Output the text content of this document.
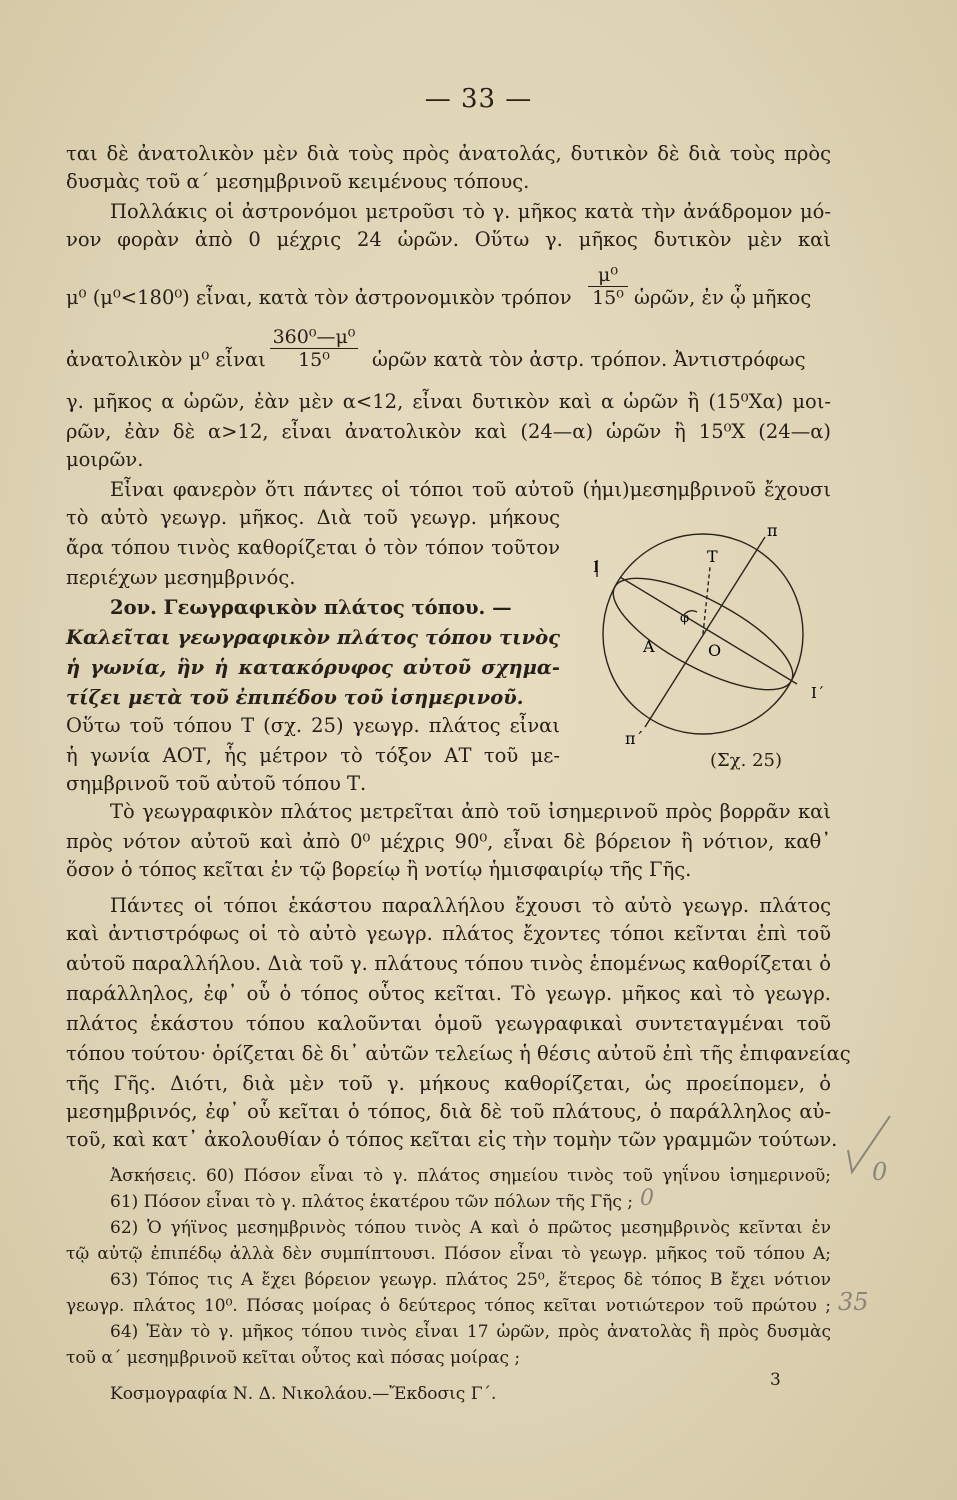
— 33 —
ται δὲ ἀνατολικὸν μὲν διὰ τοὺς πρὸς ἀνατολάς, δυτικὸν δὲ διὰ τοὺς πρὸς
δυσμὰς τοῦ α΄ μεσημβρινοῦ κειμένους τόπους.
Πολλάκις οἱ ἀστρονόμοι μετροῦσι τὸ γ. μῆκος κατὰ τὴν ἀνάδρομον μό-
νον φορὰν ἀπὸ 0 μέχρις 24 ὡρῶν. Οὕτω γ. μῆκος δυτικὸν μὲν καὶ
μ⁰ (μ⁰<180⁰) εἶναι, κατὰ τὸν ἀστρονομικὸν τρόπον $\frac{\text{μ⁰}}{\text{15⁰}}$ ὡρῶν, ἐν ᾧ μῆκος
ἀνατολικὸν μ⁰ εἶναι $\frac{\text{360⁰—μ⁰}}{\text{15⁰}}$ ὡρῶν κατὰ τὸν ἀστρ. τρόπον. Ἀντιστρόφως
γ. μῆκος α ὡρῶν, ἐὰν μὲν α<12, εἶναι δυτικὸν καὶ α ὡρῶν ἢ (15⁰Χα) μοι-
ρῶν, ἐὰν δὲ α>12, εἶναι ἀνατολικὸν καὶ (24—α) ὡρῶν ἢ 15⁰Χ (24—α)
μοιρῶν.
Εἶναι φανερὸν ὅτι πάντες οἱ τόποι τοῦ αὐτοῦ (ἡμι)μεσημβρινοῦ ἔχουσι
τὸ αὐτὸ γεωγρ. μῆκος. Διὰ τοῦ γεωγρ. μήκους
ἄρα τόπου τινὸς καθορίζεται ὁ τὸν τόπον τοῦτον
περιέχων μεσημβρινός.
2ον. Γεωγραφικὸν πλάτος τόπου. —
Καλεῖται γεωγραφικὸν πλάτος τόπου τινὸς
ἡ γωνία, ἣν ἡ κατακόρυφος αὐτοῦ σχημα-
τίζει μετὰ τοῦ ἐπιπέδου τοῦ ἰσημερινοῦ.
Οὕτω τοῦ τόπου Τ (σχ. 25) γεωγρ. πλάτος εἶναι
ἡ γωνία ΑΟΤ, ἧς μέτρον τὸ τόξον ΑΤ τοῦ με-
σημβρινοῦ τοῦ αὐτοῦ τόπου Τ.
π
π΄
Τ
Α	Ο
φ
Ι
Ι΄
(Σχ. 25)
Τὸ γεωγραφικὸν πλάτος μετρεῖται ἀπὸ τοῦ ἰσημερινοῦ πρὸς βορρᾶν καὶ
πρὸς νότον αὐτοῦ καὶ ἀπὸ 0⁰ μέχρις 90⁰, εἶναι δὲ βόρειον ἢ νότιον, καθ᾽
ὅσον ὁ τόπος κεῖται ἐν τῷ βορείῳ ἢ νοτίῳ ἡμισφαιρίῳ τῆς Γῆς.
Πάντες οἱ τόποι ἑκάστου παραλλήλου ἔχουσι τὸ αὐτὸ γεωγρ. πλάτος
καὶ ἀντιστρόφως οἱ τὸ αὐτὸ γεωγρ. πλάτος ἔχοντες τόποι κεῖνται ἐπὶ τοῦ
αὐτοῦ παραλλήλου. Διὰ τοῦ γ. πλάτους τόπου τινὸς ἑπομένως καθορίζεται ὁ
παράλληλος, ἐφ᾽ οὗ ὁ τόπος οὗτος κεῖται. Τὸ γεωγρ. μῆκος καὶ τὸ γεωγρ.
πλάτος ἑκάστου τόπου καλοῦνται ὁμοῦ γεωγραφικαὶ συντεταγμέναι τοῦ
τόπου τούτου· ὁρίζεται δὲ δι᾽ αὐτῶν τελείως ἡ θέσις αὐτοῦ ἐπὶ τῆς ἐπιφανείας
τῆς Γῆς. Διότι, διὰ μὲν τοῦ γ. μήκους καθορίζεται, ὡς προείπομεν, ὁ
μεσημβρινός, ἐφ᾽ οὗ κεῖται ὁ τόπος, διὰ δὲ τοῦ πλάτους, ὁ παράλληλος αὐ-
τοῦ, καὶ κατ᾽ ἀκολουθίαν ὁ τόπος κεῖται εἰς τὴν τομὴν τῶν γραμμῶν τούτων.
Ἀσκήσεις. 60) Πόσον εἶναι τὸ γ. πλάτος σημείου τινὸς τοῦ γηΐνου ἰσημερινοῦ;
61) Πόσον εἶναι τὸ γ. πλάτος ἑκατέρου τῶν πόλων τῆς Γῆς ;
62) Ὁ γήϊνος μεσημβρινὸς τόπου τινὸς Α καὶ ὁ πρῶτος μεσημβρινὸς κεῖνται ἐν
τῷ αὐτῷ ἐπιπέδῳ ἀλλὰ δὲν συμπίπτουσι. Πόσον εἶναι τὸ γεωγρ. μῆκος τοῦ τόπου Α;
63) Τόπος τις Α ἔχει βόρειον γεωγρ. πλάτος 25⁰, ἕτερος δὲ τόπος Β ἔχει νότιον
γεωγρ. πλάτος 10⁰. Πόσας μοίρας ὁ δεύτερος τόπος κεῖται νοτιώτερον τοῦ πρώτου ;
64) Ἐὰν τὸ γ. μῆκος τόπου τινὸς εἶναι 17 ὡρῶν, πρὸς ἀνατολὰς ἢ πρὸς δυσμὰς
τοῦ α΄ μεσημβρινοῦ κεῖται οὗτος καὶ πόσας μοίρας ;
Κοσμογραφία Ν. Δ. Νικολάου.—Ἔκδοσις Γ΄.
3
0
0
35
